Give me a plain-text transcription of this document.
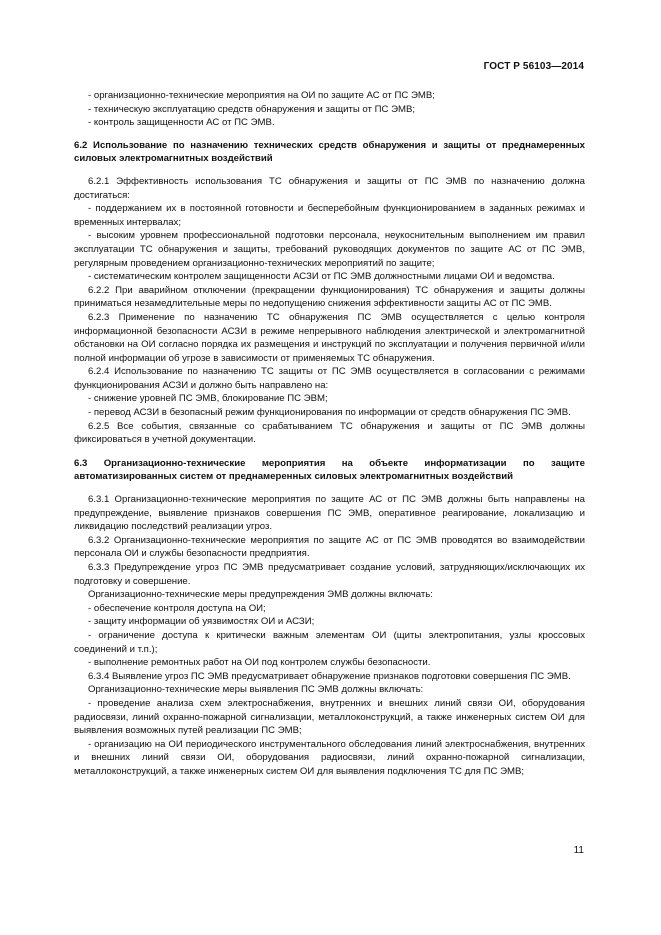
ГОСТ Р 56103—2014

- организационно-технические мероприятия на ОИ по защите АС от ПС ЭМВ;

- техническую эксплуатацию средств обнаружения и защиты от ПС ЭМВ;

- контроль защищенности АС от ПС ЭМВ.

6.2 Использование по назначению технических средств обнаружения и защиты от преднамеренных силовых электромагнитных воздействий

6.2.1 Эффективность использования ТС обнаружения и защиты от ПС ЭМВ по назначению должна достигаться:

- поддержанием их в постоянной готовности и бесперебойным функционированием в заданных режимах и временных интервалах;

- высоким уровнем профессиональной подготовки персонала, неукоснительным выполнением им правил эксплуатации ТС обнаружения и защиты, требований руководящих документов по защите АС от ПС ЭМВ, регулярным проведением организационно-технических мероприятий по защите;

- систематическим контролем защищенности АСЗИ от ПС ЭМВ должностными лицами ОИ и ведомства.

6.2.2 При аварийном отключении (прекращении функционирования) ТС обнаружения и защиты должны приниматься незамедлительные меры по недопущению снижения эффективности защиты АС от ПС ЭМВ.

6.2.3 Применение по назначению ТС обнаружения ПС ЭМВ осуществляется с целью контроля информационной безопасности АСЗИ в режиме непрерывного наблюдения электрической и электромагнитной обстановки на ОИ согласно порядка их размещения и инструкций по эксплуатации и получения первичной и/или полной информации об угрозе в зависимости от применяемых ТС обнаружения.

6.2.4 Использование по назначению ТС защиты от ПС ЭМВ осуществляется в согласовании с режимами функционирования АСЗИ и должно быть направлено на:

- снижение уровней ПС ЭМВ, блокирование ПС ЭВМ;

- перевод АСЗИ в безопасный режим функционирования по информации от средств обнаружения ПС ЭМВ.

6.2.5 Все события, связанные со срабатыванием ТС обнаружения и защиты от ПС ЭМВ должны фиксироваться в учетной документации.

6.3 Организационно-технические мероприятия на объекте информатизации по защите автоматизированных систем от преднамеренных силовых электромагнитных воздействий

6.3.1 Организационно-технические мероприятия по защите АС от ПС ЭМВ должны быть направлены на предупреждение, выявление признаков совершения ПС ЭМВ, оперативное реагирование, локализацию и ликвидацию последствий реализации угроз.

6.3.2 Организационно-технические мероприятия по защите АС от ПС ЭМВ проводятся во взаимодействии персонала ОИ и службы безопасности предприятия.

6.3.3 Предупреждение угроз ПС ЭМВ предусматривает создание условий, затрудняющих/исключающих их подготовку и совершение.

Организационно-технические меры предупреждения ЭМВ должны включать:

- обеспечение контроля доступа на ОИ;

- защиту информации об уязвимостях ОИ и АСЗИ;

- ограничение доступа к критически важным элементам ОИ (щиты электропитания, узлы кроссовых соединений и т.п.);

- выполнение ремонтных работ на ОИ под контролем службы безопасности.

6.3.4 Выявление угроз ПС ЭМВ предусматривает обнаружение признаков подготовки совершения ПС ЭМВ.

Организационно-технические меры выявления ПС ЭМВ должны включать:

- проведение анализа схем электроснабжения, внутренних и внешних линий связи ОИ, оборудования радиосвязи, линий охранно-пожарной сигнализации, металлоконструкций, а также инженерных систем ОИ для выявления возможных путей реализации ПС ЭМВ;

- организацию на ОИ периодического инструментального обследования линий электроснабжения, внутренних и внешних линий связи ОИ, оборудования радиосвязи, линий охранно-пожарной сигнализации, металлоконструкций, а также инженерных систем ОИ для выявления подключения ТС для ПС ЭМВ;

11
